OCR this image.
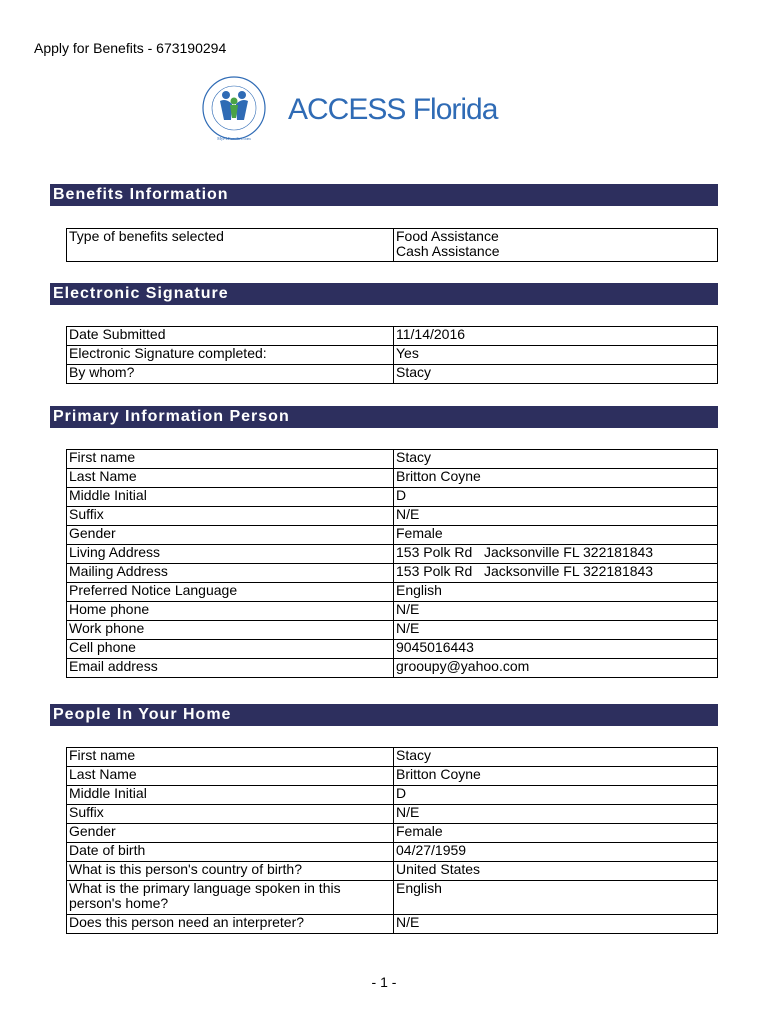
Apply for Benefits - 673190294
MyFLFamilies.com
ACCESS Florida
Benefits Information
Type of benefits selected	Food Assistance
Cash Assistance
Electronic Signature
Date Submitted	11/14/2016
Electronic Signature completed:	Yes
By whom?	Stacy
Primary Information Person
First name	Stacy
Last Name	Britton Coyne
Middle Initial	D
Suffix	N/E
Gender	Female
Living Address	153 Polk Rd   Jacksonville FL 322181843
Mailing Address	153 Polk Rd   Jacksonville FL 322181843
Preferred Notice Language	English
Home phone	N/E
Work phone	N/E
Cell phone	9045016443
Email address	grooupy@yahoo.com
People In Your Home
First name	Stacy
Last Name	Britton Coyne
Middle Initial	D
Suffix	N/E
Gender	Female
Date of birth	04/27/1959
What is this person's country of birth?	United States
What is the primary language spoken in this person's home?	English
Does this person need an interpreter?	N/E
- 1 -
